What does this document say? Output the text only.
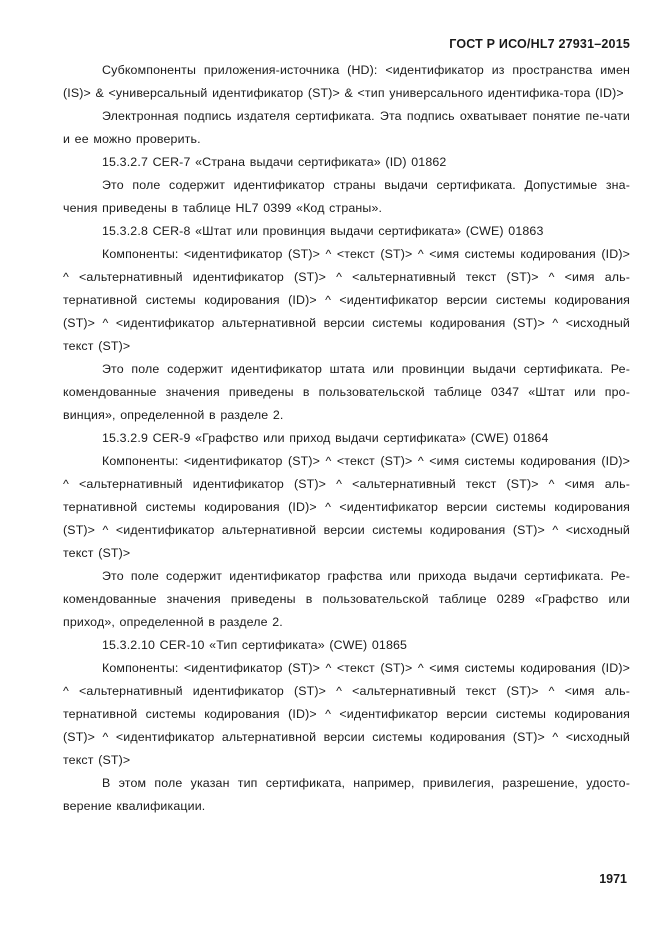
ГОСТ Р ИСО/HL7 27931–2015

Субкомпоненты приложения-источника (HD): <идентификатор из пространства имен (IS)> & <универсальный идентификатор (ST)> & <тип универсального идентифика-тора (ID)>

Электронная подпись издателя сертификата. Эта подпись охватывает понятие пе-чати и ее можно проверить.

15.3.2.7 CER-7 «Страна выдачи сертификата» (ID) 01862

Это поле содержит идентификатор страны выдачи сертификата. Допустимые зна-чения приведены в таблице HL7 0399 «Код страны».

15.3.2.8 CER-8 «Штат или провинция выдачи сертификата» (CWE) 01863

Компоненты: <идентификатор (ST)> ^ <текст (ST)> ^ <имя системы кодирования (ID)> ^ <альтернативный идентификатор (ST)> ^ <альтернативный текст (ST)> ^ <имя аль-тернативной системы кодирования (ID)> ^ <идентификатор версии системы кодирования (ST)> ^ <идентификатор альтернативной версии системы кодирования (ST)> ^ <исходный текст (ST)>

Это поле содержит идентификатор штата или провинции выдачи сертификата. Ре-комендованные значения приведены в пользовательской таблице 0347 «Штат или про-винция», определенной в разделе 2.

15.3.2.9 CER-9 «Графство или приход выдачи сертификата» (CWE) 01864

Компоненты: <идентификатор (ST)> ^ <текст (ST)> ^ <имя системы кодирования (ID)> ^ <альтернативный идентификатор (ST)> ^ <альтернативный текст (ST)> ^ <имя аль-тернативной системы кодирования (ID)> ^ <идентификатор версии системы кодирования (ST)> ^ <идентификатор альтернативной версии системы кодирования (ST)> ^ <исходный текст (ST)>

Это поле содержит идентификатор графства или прихода выдачи сертификата. Ре-комендованные значения приведены в пользовательской таблице 0289 «Графство или приход», определенной в разделе 2.

15.3.2.10 CER-10 «Тип сертификата» (CWE) 01865

Компоненты: <идентификатор (ST)> ^ <текст (ST)> ^ <имя системы кодирования (ID)> ^ <альтернативный идентификатор (ST)> ^ <альтернативный текст (ST)> ^ <имя аль-тернативной системы кодирования (ID)> ^ <идентификатор версии системы кодирования (ST)> ^ <идентификатор альтернативной версии системы кодирования (ST)> ^ <исходный текст (ST)>

В этом поле указан тип сертификата, например, привилегия, разрешение, удосто-верение квалификации.

1971
